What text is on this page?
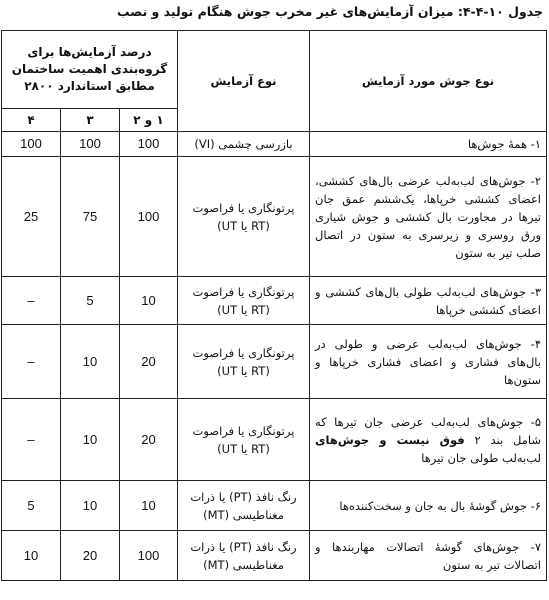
جدول ۱۰-۴-۴: میزان آزمایش‌های غیر مخرب جوش هنگام تولید و نصب
نوع جوش مورد آزمایش	نوع آزمایش	درصد آزمایش‌ها برای
گروه‌بندی اهمیت ساختمان
مطابق استاندارد ۲۸۰۰		

		۱ و ۲	۳	۴
۱- همهٔ جوش‌ها	بازرسی چشمی (VI)	100	100	100
۲- جوش‌های لب‌به‌لب عرضی بال‌های کششی، اعضای کششی خرپاها، یک‌ششم عمق جان تیرها در مجاورت بال کششی و جوش شیاری ورق روسری و زیرسری به ستون در اتصال صلب تیر به ستون	پرتونگاری یا فراصوت
(RT یا UT)	100	75	25
۳- جوش‌های لب‌به‌لب طولی بال‌های کششی و اعضای کششی خرپاها	پرتونگاری یا فراصوت
(RT یا UT)	10	5	–
۴- جوش‌های لب‌به‌لب عرضی و طولی در بال‌های فشاری و اعضای فشاری خرپاها و ستون‌ها	پرتونگاری یا فراصوت
(RT یا UT)	20	10	–
۵- جوش‌های لب‌به‌لب عرضی جان تیرها که شامل بند ۲ فوق نیست و جوش‌های لب‌به‌لب طولی جان تیرها	پرتونگاری یا فراصوت
(RT یا UT)	20	10	–
۶- جوش گوشهٔ بال به جان و سخت‌کننده‌ها	رنگ نافذ (PT) یا ذرات
مغناطیسی (MT)	10	10	5
۷- جوش‌های گوشهٔ اتصالات مهاربندها و اتصالات تیر به ستون	رنگ نافذ (PT) یا ذرات
مغناطیسی (MT)	100	20	10
